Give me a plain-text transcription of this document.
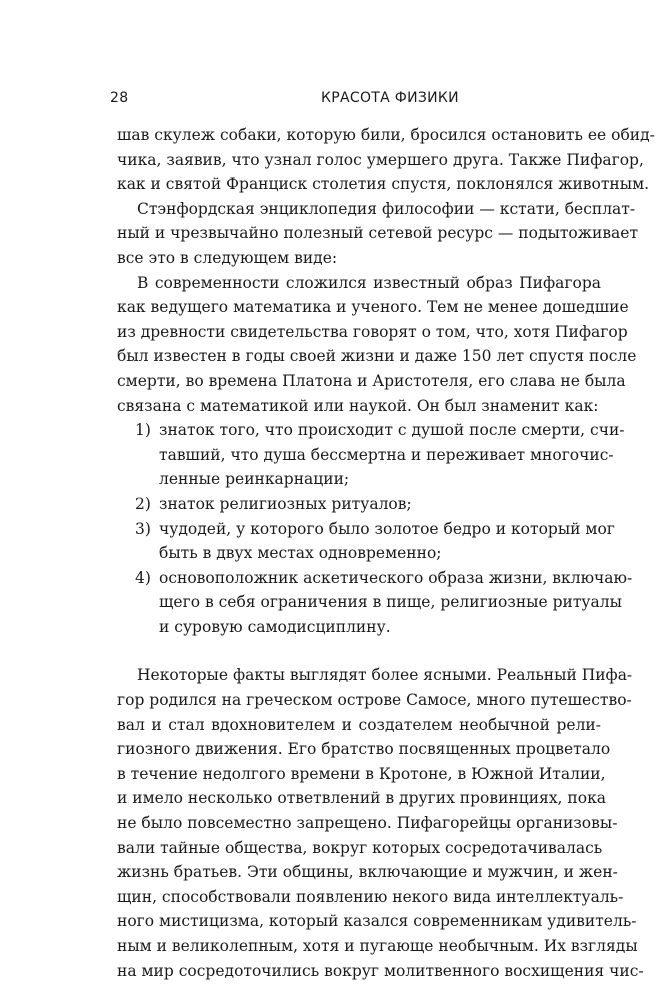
28	КРАСОТА ФИЗИКИ
шав скулеж собаки, которую били, бросился остановить ее обид-
чика, заявив, что узнал голос умершего друга. Также Пифагор,
как и святой Франциск столетия спустя, поклонялся животным.
Стэнфордская энциклопедия философии — кстати, бесплат-
ный и чрезвычайно полезный сетевой ресурс — подытоживает
все это в следующем виде:
В современности сложился известный образ Пифагора
как ведущего математика и ученого. Тем не менее дошедшие
из древности свидетельства говорят о том, что, хотя Пифагор
был известен в годы своей жизни и даже 150 лет спустя после
смерти, во времена Платона и Аристотеля, его слава не была
связана с математикой или наукой. Он был знаменит как:
1) знаток того, что происходит с душой после смерти, счи-
тавший, что душа бессмертна и переживает многочис-
ленные реинкарнации;
2) знаток религиозных ритуалов;
3) чудодей, у которого было золотое бедро и который мог
быть в двух местах одновременно;
4) основоположник аскетического образа жизни, включаю-
щего в себя ограничения в пище, религиозные ритуалы
и суровую самодисциплину.
Некоторые факты выглядят более ясными. Реальный Пифа-
гор родился на греческом острове Самосе, много путешество-
вал и стал вдохновителем и создателем необычной рели-
гиозного движения. Его братство посвященных процветало
в течение недолгого времени в Кротоне, в Южной Италии,
и имело несколько ответвлений в других провинциях, пока
не было повсеместно запрещено. Пифагорейцы организовы-
вали тайные общества, вокруг которых сосредотачивалась
жизнь братьев. Эти общины, включающие и мужчин, и жен-
щин, способствовали появлению некого вида интеллектуаль-
ного мистицизма, который казался современникам удивитель-
ным и великолепным, хотя и пугающе необычным. Их взгляды
на мир сосредоточились вокруг молитвенного восхищения чис-
